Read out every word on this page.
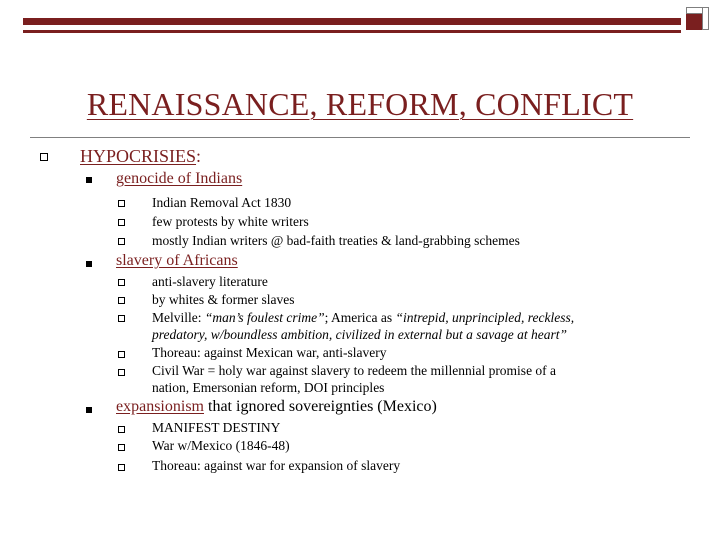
RENAISSANCE, REFORM, CONFLICT
HYPOCRISIES:
genocide of Indians
Indian Removal Act 1830
few protests by white writers
mostly Indian writers @ bad-faith treaties & land-grabbing schemes
slavery of Africans
anti-slavery literature
by whites & former slaves
Melville: “man’s foulest crime”; America as “intrepid, unprincipled, reckless,
predatory, w/boundless ambition, civilized in external but a savage at heart”
Thoreau: against Mexican war, anti-slavery
Civil War = holy war against slavery to redeem the millennial promise of a
nation, Emersonian reform, DOI principles
expansionism that ignored sovereignties (Mexico)
MANIFEST DESTINY
War w/Mexico (1846-48)
Thoreau: against war for expansion of slavery
